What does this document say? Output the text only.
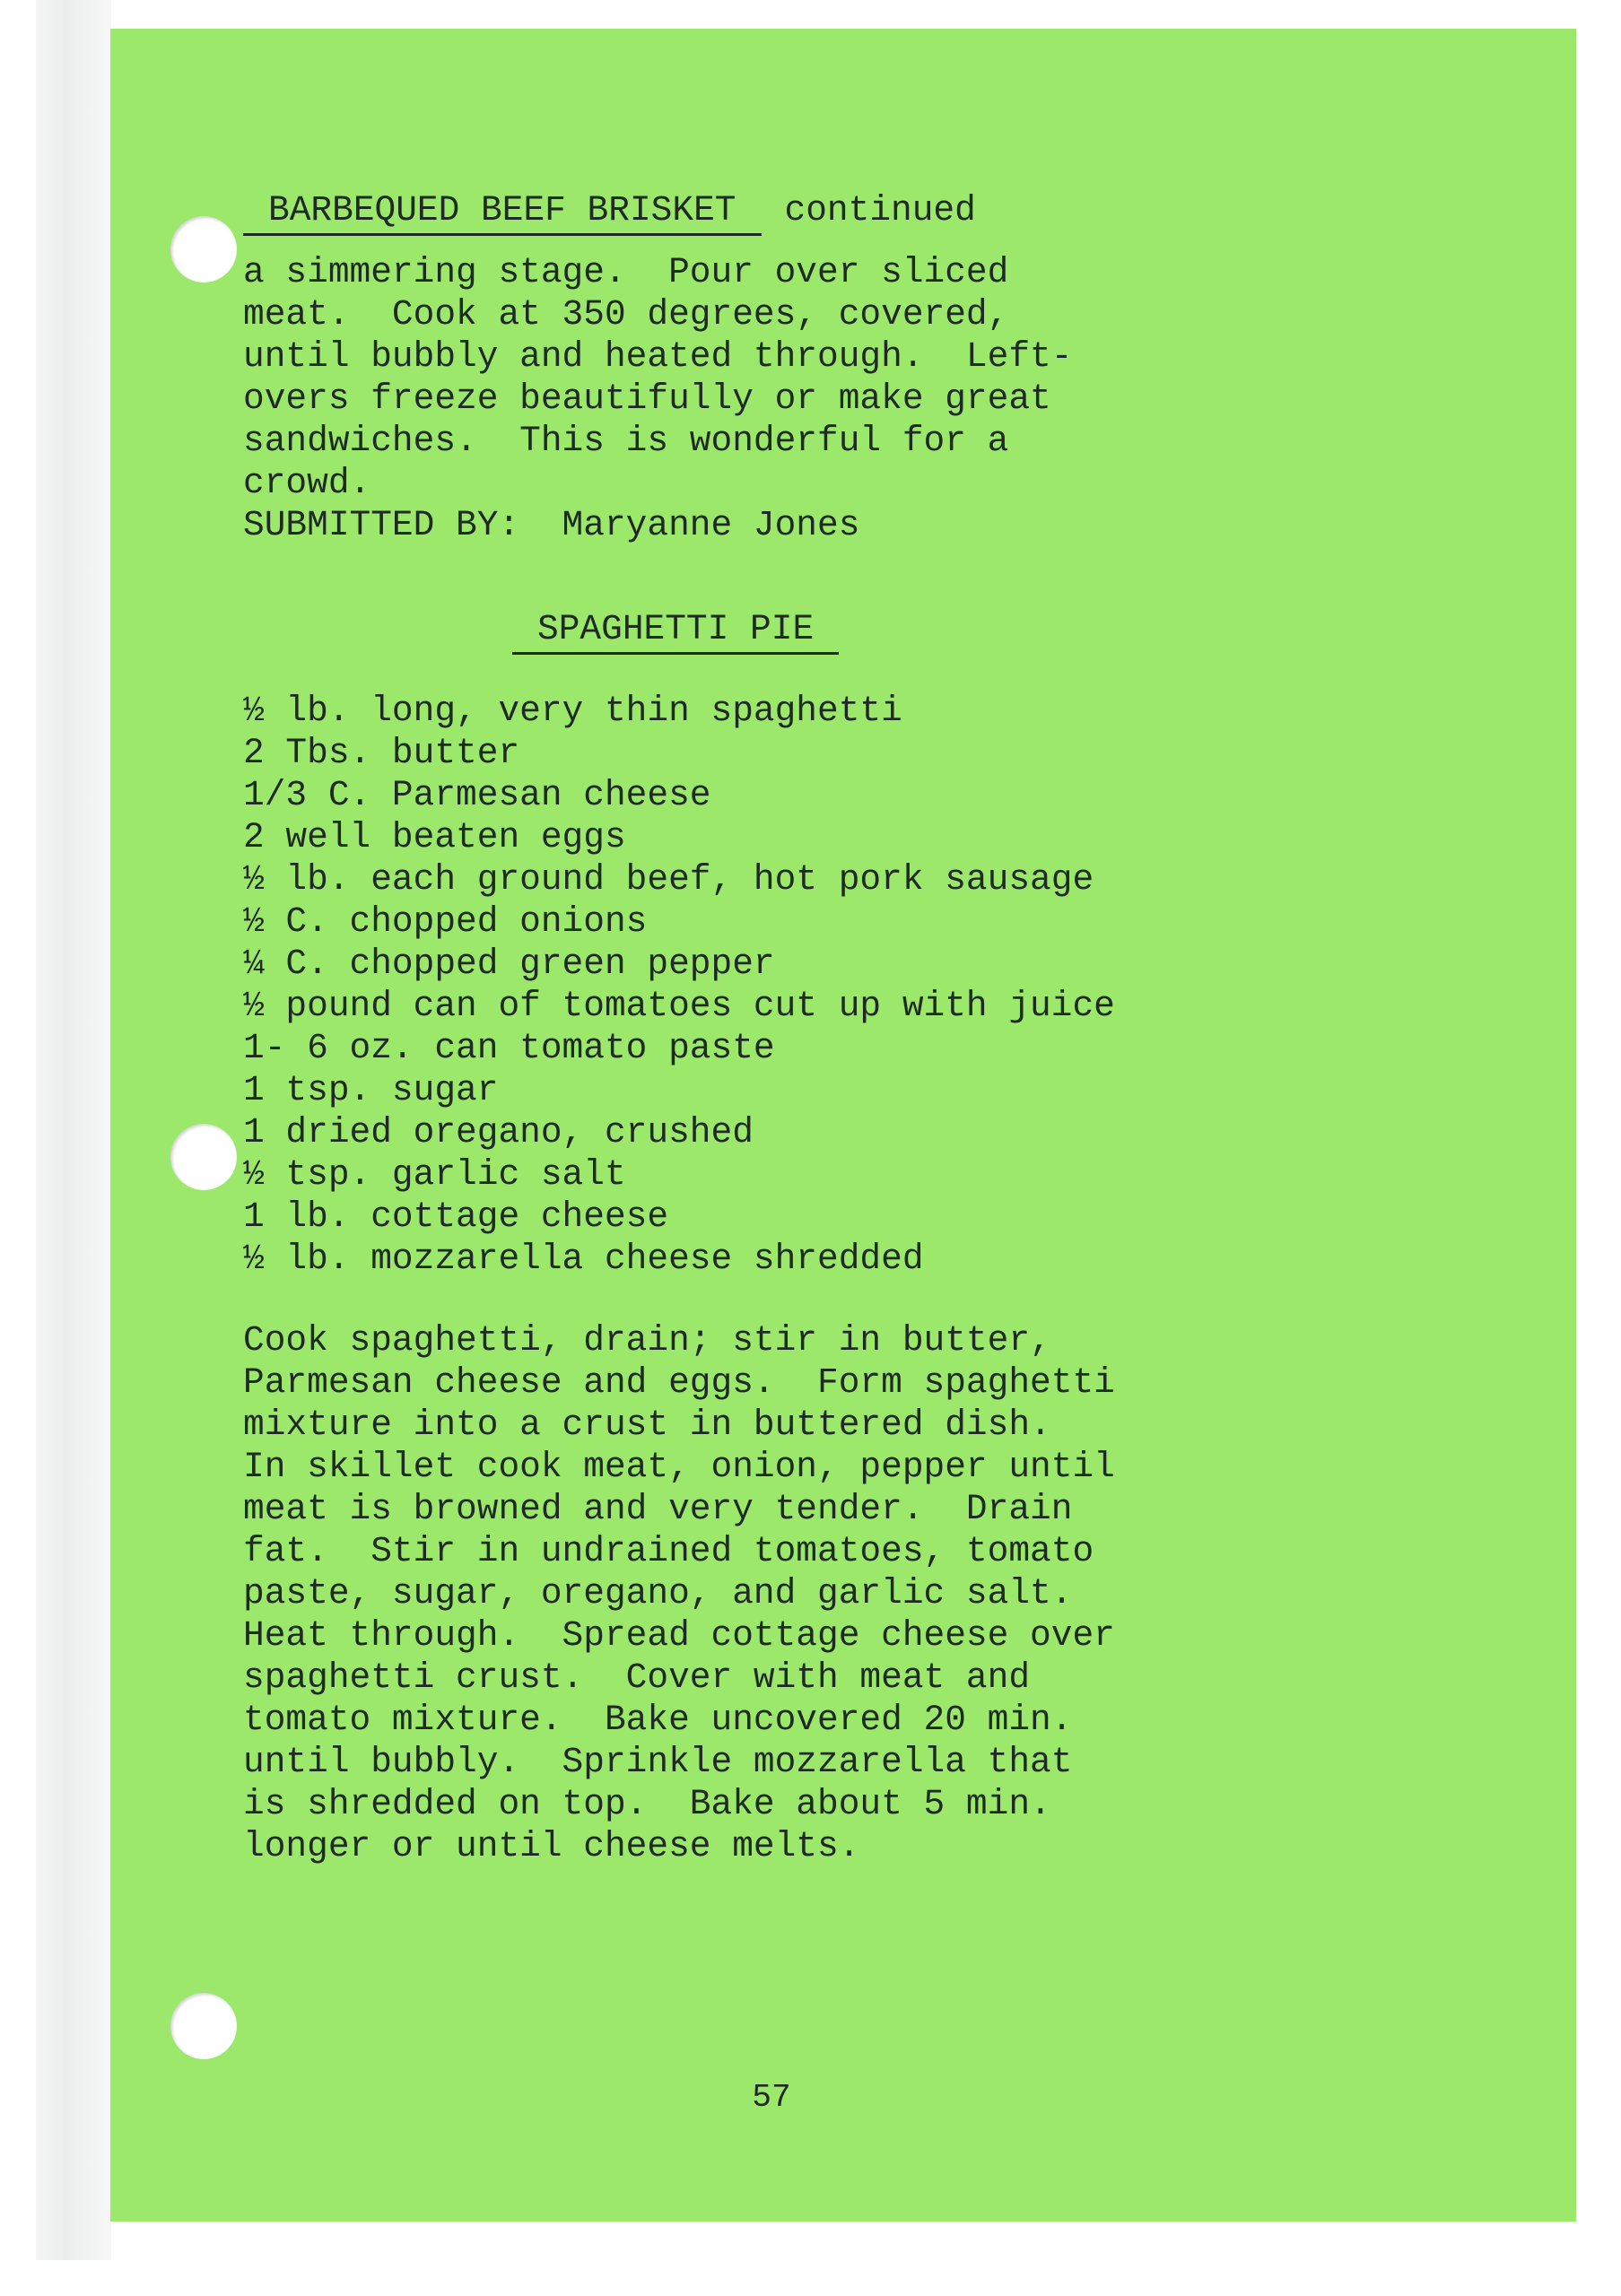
BARBEQUED BEEF BRISKET continued
a simmering stage.  Pour over sliced
meat.  Cook at 350 degrees, covered,
until bubbly and heated through.  Left-
overs freeze beautifully or make great
sandwiches.  This is wonderful for a
crowd.
SUBMITTED BY:  Maryanne Jones
SPAGHETTI PIE
½ lb. long, very thin spaghetti
2 Tbs. butter
1/3 C. Parmesan cheese
2 well beaten eggs
½ lb. each ground beef, hot pork sausage
½ C. chopped onions
¼ C. chopped green pepper
½ pound can of tomatoes cut up with juice
1- 6 oz. can tomato paste
1 tsp. sugar
1 dried oregano, crushed
½ tsp. garlic salt
1 lb. cottage cheese
½ lb. mozzarella cheese shredded
Cook spaghetti, drain; stir in butter,
Parmesan cheese and eggs.  Form spaghetti
mixture into a crust in buttered dish.
In skillet cook meat, onion, pepper until
meat is browned and very tender.  Drain
fat.  Stir in undrained tomatoes, tomato
paste, sugar, oregano, and garlic salt.
Heat through.  Spread cottage cheese over
spaghetti crust.  Cover with meat and
tomato mixture.  Bake uncovered 20 min.
until bubbly.  Sprinkle mozzarella that
is shredded on top.  Bake about 5 min.
longer or until cheese melts.
57
